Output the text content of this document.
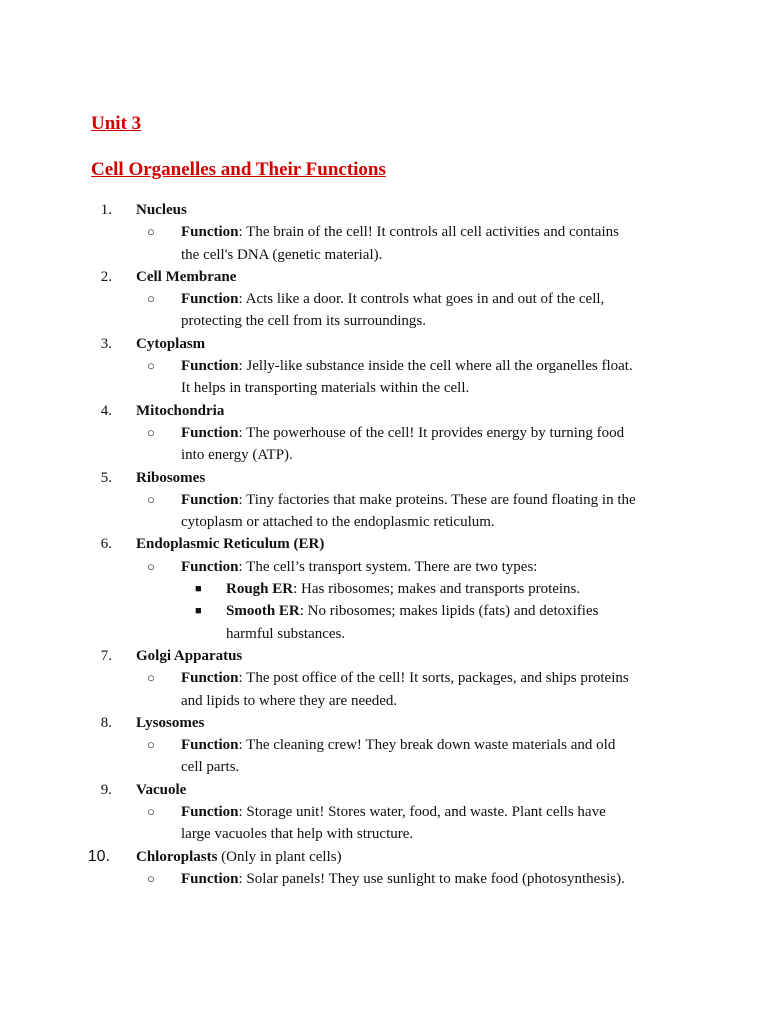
Unit 3
Cell Organelles and Their Functions
1. Nucleus
○ Function: The brain of the cell! It controls all cell activities and contains
the cell's DNA (genetic material).
2. Cell Membrane
○ Function: Acts like a door. It controls what goes in and out of the cell,
protecting the cell from its surroundings.
3. Cytoplasm
○ Function: Jelly-like substance inside the cell where all the organelles float.
It helps in transporting materials within the cell.
4. Mitochondria
○ Function: The powerhouse of the cell! It provides energy by turning food
into energy (ATP).
5. Ribosomes
○ Function: Tiny factories that make proteins. These are found floating in the
cytoplasm or attached to the endoplasmic reticulum.
6. Endoplasmic Reticulum (ER)
○ Function: The cell’s transport system. There are two types:
■ Rough ER: Has ribosomes; makes and transports proteins.
■ Smooth ER: No ribosomes; makes lipids (fats) and detoxifies
harmful substances.
7. Golgi Apparatus
○ Function: The post office of the cell! It sorts, packages, and ships proteins
and lipids to where they are needed.
8. Lysosomes
○ Function: The cleaning crew! They break down waste materials and old
cell parts.
9. Vacuole
○ Function: Storage unit! Stores water, food, and waste. Plant cells have
large vacuoles that help with structure.
10. Chloroplasts (Only in plant cells)
○ Function: Solar panels! They use sunlight to make food (photosynthesis).
